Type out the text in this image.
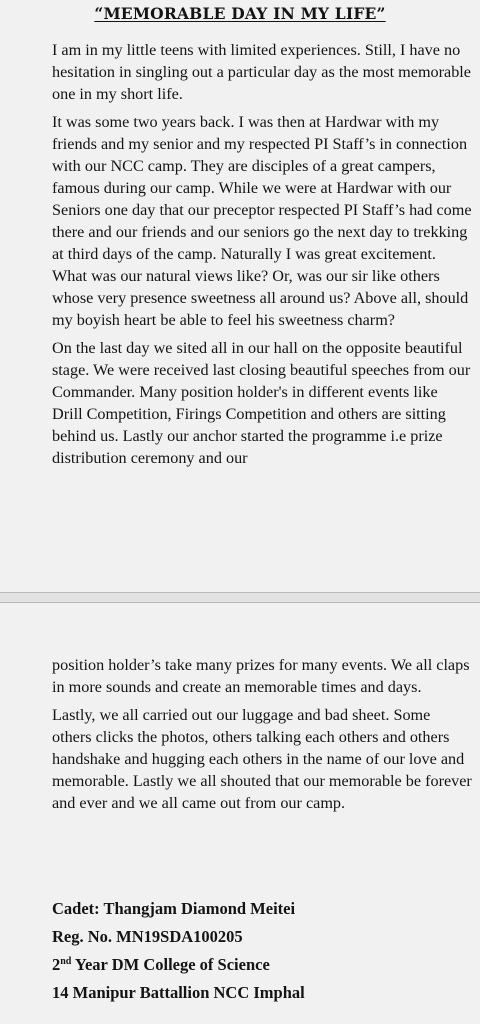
“MEMORABLE DAY IN MY LIFE”

I am in my little teens with limited experiences. Still, I have no hesitation in singling out a particular day as the most memorable one in my short life.

It was some two years back. I was then at Hardwar with my friends and my senior and my respected PI Staff’s in connection with our NCC camp. They are disciples of a great campers, famous during our camp. While we were at Hardwar with our Seniors one day that our preceptor respected PI Staff’s had come there and our friends and our seniors go the next day to trekking at third days of the camp. Naturally I was great excitement. What was our natural views like? Or, was our sir like others whose very presence sweetness all around us? Above all, should my boyish heart be able to feel his sweetness charm?

On the last day we sited all in our hall on the opposite beautiful stage. We were received last closing beautiful speeches from our Commander. Many position holder's in different events like Drill Competition, Firings Competition and others are sitting behind us. Lastly our anchor started the programme i.e prize distribution ceremony and our

position holder’s take many prizes for many events. We all claps in more sounds and create an memorable times and days.

Lastly, we all carried out our luggage and bad sheet. Some others clicks the photos, others talking each others and others handshake and hugging each others in the name of our love and memorable. Lastly we all shouted that our memorable be forever and ever and we all came out from our camp.

Cadet: Thangjam Diamond Meitei
Reg. No. MN19SDA100205
2nd Year DM College of Science
14 Manipur Battallion NCC Imphal
